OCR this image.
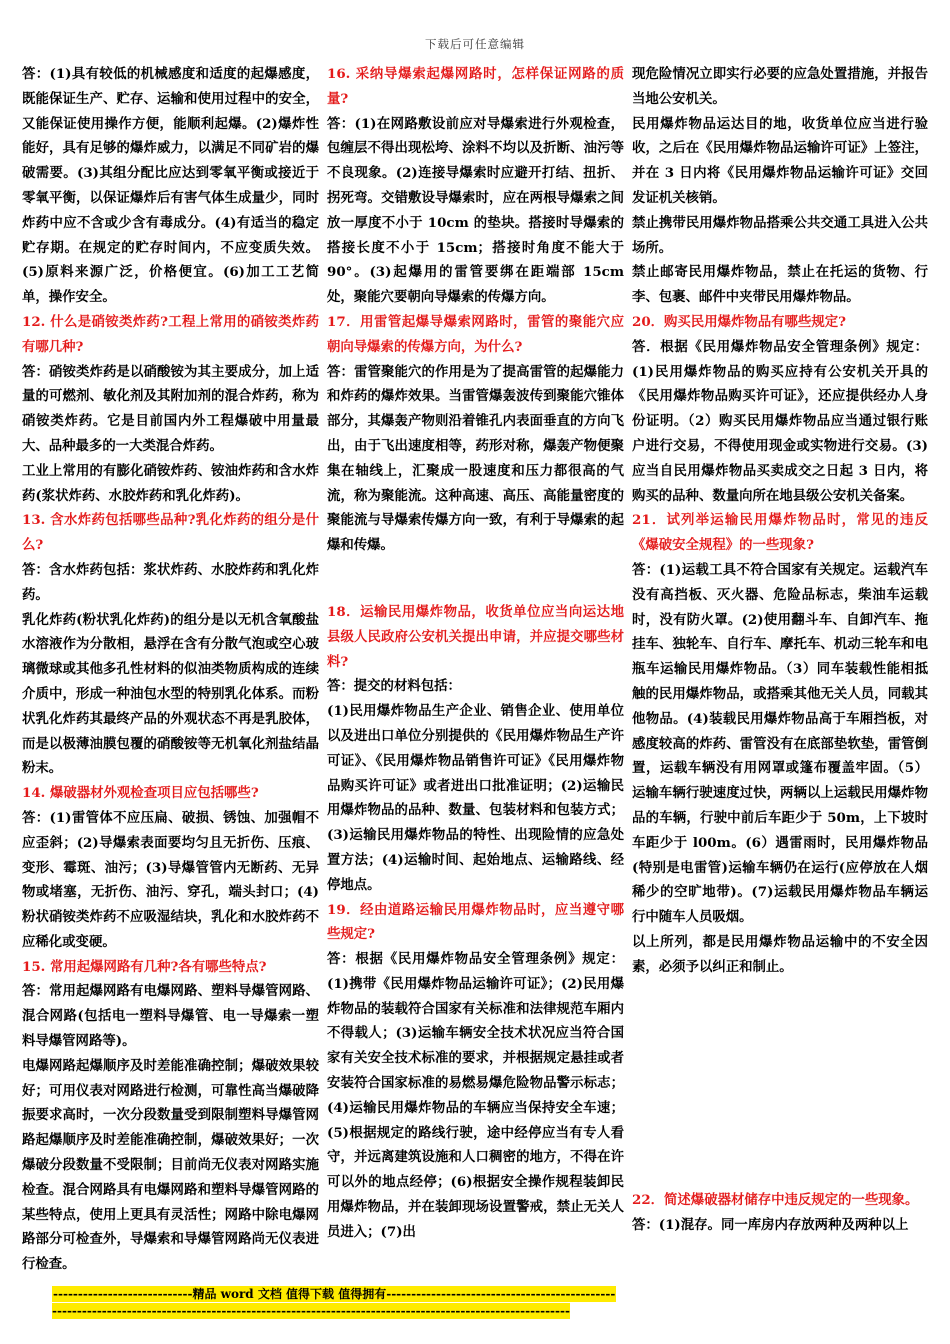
下载后可任意编辑

答：(1)具有较低的机械感度和适度的起爆感度，既能保证生产、贮存、运输和使用过程中的安全，又能保证使用操作方便，能顺利起爆。(2)爆炸性能好，具有足够的爆炸威力，以满足不同矿岩的爆破需要。(3)其组分配比应达到零氧平衡或接近于零氧平衡，以保证爆炸后有害气体生成量少，同时炸药中应不含或少含有毒成分。(4)有适当的稳定贮存期。在规定的贮存时间内，不应变质失效。(5)原料来源广泛，价格便宜。(6)加工工艺简单，操作安全。

12. 什么是硝铵类炸药?工程上常用的硝铵类炸药有哪几种?

答：硝铵类炸药是以硝酸铵为其主要成分，加上适量的可燃剂、敏化剂及其附加剂的混合炸药，称为硝铵类炸药。它是目前国内外工程爆破中用量最大、品种最多的一大类混合炸药。

工业上常用的有膨化硝铵炸药、铵油炸药和含水炸药(浆状炸药、水胶炸药和乳化炸药)。

13. 含水炸药包括哪些品种?乳化炸药的组分是什么?

答：含水炸药包括：浆状炸药、水胶炸药和乳化炸药。

乳化炸药(粉状乳化炸药)的组分是以无机含氧酸盐水溶液作为分散相，悬浮在含有分散气泡或空心玻璃微球或其他多孔性材料的似油类物质构成的连续介质中，形成一种油包水型的特别乳化体系。而粉状乳化炸药其最终产品的外观状态不再是乳胶体，而是以极薄油膜包覆的硝酸铵等无机氧化剂盐结晶粉末。

14. 爆破器材外观检查项目应包括哪些?

答：(1)雷管体不应压扁、破损、锈蚀、加强帽不应歪斜；(2)导爆索表面要均匀且无折伤、压痕、变形、霉斑、油污；(3)导爆管管内无断药、无异物或堵塞，无折伤、油污、穿孔，端头封口；(4)粉状硝铵类炸药不应吸湿结块，乳化和水胶炸药不应稀化或变硬。

15. 常用起爆网路有几种?各有哪些特点?

答：常用起爆网路有电爆网路、塑料导爆管网路、混合网路(包括电一塑料导爆管、电一导爆索一塑料导爆管网路等)。

电爆网路起爆顺序及时差能准确控制；爆破效果较好；可用仪表对网路进行检测，可靠性高当爆破降振要求高时，一次分段数量受到限制塑料导爆管网路起爆顺序及时差能准确控制，爆破效果好；一次爆破分段数量不受限制；目前尚无仪表对网路实施检查。混合网路具有电爆网路和塑料导爆管网路的某些特点，使用上更具有灵活性；网路中除电爆网路部分可检查外，导爆索和导爆管网路尚无仪表进行检查。

16. 采纳导爆索起爆网路时，怎样保证网路的质量?

答：(1)在网路敷设前应对导爆索进行外观检查，包缠层不得出现松垮、涂料不均以及折断、油污等不良现象。(2)连接导爆索时应避开打结、扭折、拐死弯。交错敷设导爆索时，应在两根导爆索之间放一厚度不小于 10cm 的垫块。搭接时导爆索的搭接长度不小于 15cm；搭接时角度不能大于 90°。(3)起爆用的雷管要绑在距端部 15cm 处，聚能穴要朝向导爆索的传爆方向。

17．用雷管起爆导爆索网路时，雷管的聚能穴应朝向导爆索的传爆方向，为什么?

答：雷管聚能穴的作用是为了提高雷管的起爆能力和炸药的爆炸效果。当雷管爆轰波传到聚能穴锥体部分，其爆轰产物则沿着锥孔内表面垂直的方向飞出，由于飞出速度相等，药形对称，爆轰产物便聚集在轴线上，汇聚成一股速度和压力都很高的气流，称为聚能流。这种高速、高压、高能量密度的聚能流与导爆索传爆方向一致，有利于导爆索的起爆和传爆。

18．运输民用爆炸物品，收货单位应当向运达地县级人民政府公安机关提出申请，并应提交哪些材料?

答：提交的材料包括：

(1)民用爆炸物品生产企业、销售企业、使用单位以及进出口单位分别提供的《民用爆炸物品生产许可证》、《民用爆炸物品销售许可证》《民用爆炸物品购买许可证》或者进出口批准证明；(2)运输民用爆炸物品的品种、数量、包装材料和包装方式；(3)运输民用爆炸物品的特性、出现险情的应急处置方法；(4)运输时间、起始地点、运输路线、经停地点。

19．经由道路运输民用爆炸物品时，应当遵守哪些规定?

答：根据《民用爆炸物品安全管理条例》规定：(1)携带《民用爆炸物品运输许可证》；(2)民用爆炸物品的装载符合国家有关标准和法律规范车厢内不得载人；(3)运输车辆安全技术状况应当符合国家有关安全技术标准的要求，并根据规定悬挂或者安装符合国家标准的易燃易爆危险物品警示标志；(4)运输民用爆炸物品的车辆应当保持安全车速；(5)根据规定的路线行驶，途中经停应当有专人看守，并远离建筑设施和人口稠密的地方，不得在许可以外的地点经停；(6)根据安全操作规程装卸民用爆炸物品，并在装卸现场设置警戒，禁止无关人员进入；(7)出

现危险情况立即实行必要的应急处置措施，并报告当地公安机关。

民用爆炸物品运达目的地，收货单位应当进行验收，之后在《民用爆炸物品运输许可证》上签注，并在 3 日内将《民用爆炸物品运输许可证》交回发证机关核销。

禁止携带民用爆炸物品搭乘公共交通工具进入公共场所。

禁止邮寄民用爆炸物品，禁止在托运的货物、行李、包裹、邮件中夹带民用爆炸物品。

20．购买民用爆炸物品有哪些规定?

答．根据《民用爆炸物品安全管理条例》规定：(1)民用爆炸物品的购买应持有公安机关开具的《民用爆炸物品购买许可证》，还应提供经办人身份证明。（2）购买民用爆炸物品应当通过银行账户进行交易，不得使用现金或实物进行交易。(3)应当自民用爆炸物品买卖成交之日起 3 日内，将购买的品种、数量向所在地县级公安机关备案。

21．试列举运输民用爆炸物品时，常见的违反《爆破安全规程》的一些现象?

答：(1)运载工具不符合国家有关规定。运载汽车没有高挡板、灭火器、危险品标志，柴油车运载时，没有防火罩。(2)使用翻斗车、自卸汽车、拖挂车、独轮车、自行车、摩托车、机动三轮车和电瓶车运输民用爆炸物品。（3）同车装载性能相抵触的民用爆炸物品，或搭乘其他无关人员，同载其他物品。(4)装载民用爆炸物品高于车厢挡板，对感度较高的炸药、雷管没有在底部垫软垫，雷管倒置，运载车辆没有用网罩或篷布覆盖牢固。（5）运输车辆行驶速度过快，两辆以上运载民用爆炸物品的车辆，行驶中前后车距少于 50m，上下坡时车距少于 l00m。(6）遇雷雨时，民用爆炸物品(特别是电雷管)运输车辆仍在运行(应停放在人烟稀少的空旷地带)。(7)运载民用爆炸物品车辆运行中随车人员吸烟。

以上所列，都是民用爆炸物品运输中的不安全因素，必须予以纠正和制止。

22．简述爆破器材储存中违反规定的一些现象。

答：(1)混存。同一库房内存放两种及两种以上

----------------------------精品 word 文档 值得下载 值得拥有----------------------------------------------
--------------------------------------------------------------------------------------------------------
